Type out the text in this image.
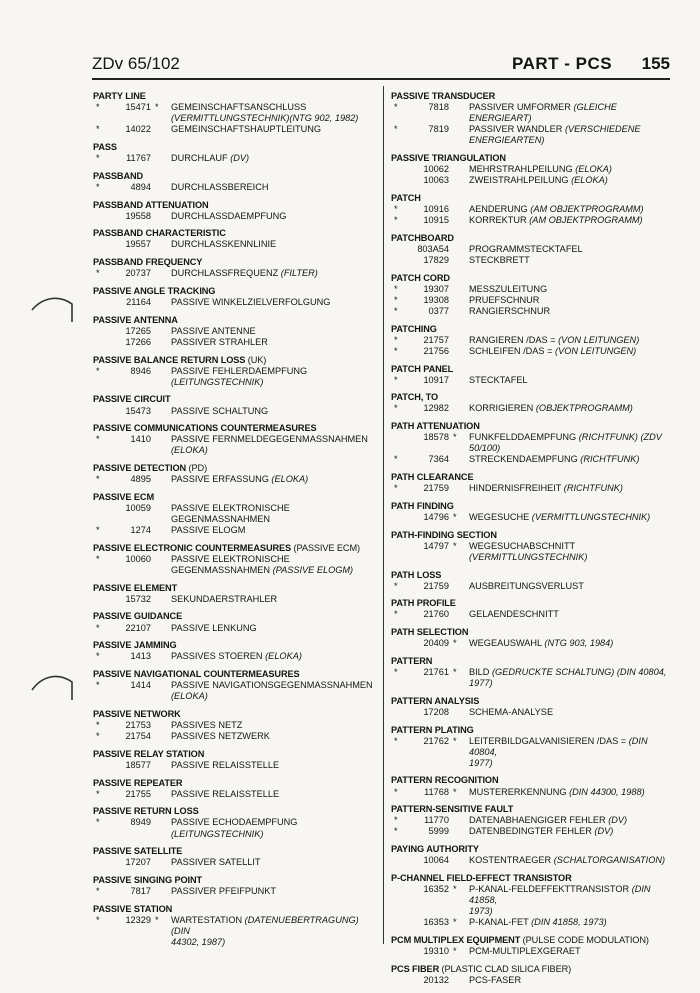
ZDv 65/102	PART - PCS 155
PARTY LINE
*	15471 *	GEMEINSCHAFTSANSCHLUSS
(VERMITTLUNGSTECHNIK)(NTG 902, 1982)
*	14022 GEMEINSCHAFTSHAUPTLEITUNG
PASS
*	11767 DURCHLAUF (DV)
PASSBAND
*	4894 DURCHLASSBEREICH
PASSBAND ATTENUATION
19558 DURCHLASSDAEMPFUNG
PASSBAND CHARACTERISTIC
19557 DURCHLASSKENNLINIE
PASSBAND FREQUENCY
*	20737 DURCHLASSFREQUENZ (FILTER)
PASSIVE ANGLE TRACKING
21164 PASSIVE WINKELZIELVERFOLGUNG
PASSIVE ANTENNA
17265 PASSIVE ANTENNE
17266 PASSIVER STRAHLER
PASSIVE BALANCE RETURN LOSS (UK)
*	8946 PASSIVE FEHLERDAEMPFUNG
(LEITUNGSTECHNIK)
PASSIVE CIRCUIT
15473 PASSIVE SCHALTUNG
PASSIVE COMMUNICATIONS COUNTERMEASURES
*	1410 PASSIVE FERNMELDEGEGENMASSNAHMEN
(ELOKA)
PASSIVE DETECTION (PD)
*	4895 PASSIVE ERFASSUNG (ELOKA)
PASSIVE ECM
10059 PASSIVE ELEKTRONISCHE
GEGENMASSNAHMEN
*	1274 PASSIVE ELOGM
PASSIVE ELECTRONIC COUNTERMEASURES (PASSIVE ECM)
*	10060 PASSIVE ELEKTRONISCHE
GEGENMASSNAHMEN (PASSIVE ELOGM)
PASSIVE ELEMENT
15732 SEKUNDAERSTRAHLER
PASSIVE GUIDANCE
*	22107 PASSIVE LENKUNG
PASSIVE JAMMING
*	1413 PASSIVES STOEREN (ELOKA)
PASSIVE NAVIGATIONAL COUNTERMEASURES
*	1414 PASSIVE NAVIGATIONSGEGENMASSNAHMEN
(ELOKA)
PASSIVE NETWORK
*	21753 PASSIVES NETZ
*	21754 PASSIVES NETZWERK
PASSIVE RELAY STATION
18577 PASSIVE RELAISSTELLE
PASSIVE REPEATER
*	21755 PASSIVE RELAISSTELLE
PASSIVE RETURN LOSS
*	8949 PASSIVE ECHODAEMPFUNG
(LEITUNGSTECHNIK)
PASSIVE SATELLITE
17207 PASSIVER SATELLIT
PASSIVE SINGING POINT
*	7817 PASSIVER PFEIFPUNKT
PASSIVE STATION
*	12329 *	WARTESTATION (DATENUEBERTRAGUNG) (DIN
44302, 1987)
PASSIVE TRANSDUCER
*	7818 PASSIVER UMFORMER (GLEICHE ENERGIEART)
*	7819 PASSIVER WANDLER (VERSCHIEDENE
ENERGIEARTEN)
PASSIVE TRIANGULATION
10062 MEHRSTRAHLPEILUNG (ELOKA)
10063 ZWEISTRAHLPEILUNG (ELOKA)
PATCH
*	10916 AENDERUNG (AM OBJEKTPROGRAMM)
*	10915 KORREKTUR (AM OBJEKTPROGRAMM)
PATCHBOARD
803A54 PROGRAMMSTECKTAFEL
17829 STECKBRETT
PATCH CORD
*	19307 MESSZULEITUNG
*	19308 PRUEFSCHNUR
*	0377 RANGIERSCHNUR
PATCHING
*	21757 RANGIEREN /DAS = (VON LEITUNGEN)
*	21756 SCHLEIFEN /DAS = (VON LEITUNGEN)
PATCH PANEL
*	10917 STECKTAFEL
PATCH, TO
*	12982 KORRIGIEREN (OBJEKTPROGRAMM)
PATH ATTENUATION
18578 *	FUNKFELDDAEMPFUNG (RICHTFUNK) (ZDV
50/100)
*	7364 STRECKENDAEMPFUNG (RICHTFUNK)
PATH CLEARANCE
*	21759 HINDERNISFREIHEIT (RICHTFUNK)
PATH FINDING
14796 *	WEGESUCHE (VERMITTLUNGSTECHNIK)
PATH-FINDING SECTION
14797 *	WEGESUCHABSCHNITT
(VERMITTLUNGSTECHNIK)
PATH LOSS
*	21759 AUSBREITUNGSVERLUST
PATH PROFILE
*	21760 GELAENDESCHNITT
PATH SELECTION
20409 *	WEGEAUSWAHL (NTG 903, 1984)
PATTERN
*	21761 *	BILD (GEDRUCKTE SCHALTUNG) (DIN 40804,
1977)
PATTERN ANALYSIS
17208 SCHEMA-ANALYSE
PATTERN PLATING
*	21762 *	LEITERBILDGALVANISIEREN /DAS = (DIN 40804,
1977)
PATTERN RECOGNITION
*	11768 *	MUSTERERKENNUNG (DIN 44300, 1988)
PATTERN-SENSITIVE FAULT
*	11770 DATENABHAENGIGER FEHLER (DV)
*	5999 DATENBEDINGTER FEHLER (DV)
PAYING AUTHORITY
10064 KOSTENTRAEGER (SCHALTORGANISATION)
P-CHANNEL FIELD-EFFECT TRANSISTOR
16352 *	P-KANAL-FELDEFFEKTTRANSISTOR (DIN 41858,
1973)
16353 *	P-KANAL-FET (DIN 41858, 1973)
PCM MULTIPLEX EQUIPMENT (PULSE CODE MODULATION)
19310 *	PCM-MULTIPLEXGERAET
PCS FIBER (PLASTIC CLAD SILICA FIBER)
20132 PCS-FASER
